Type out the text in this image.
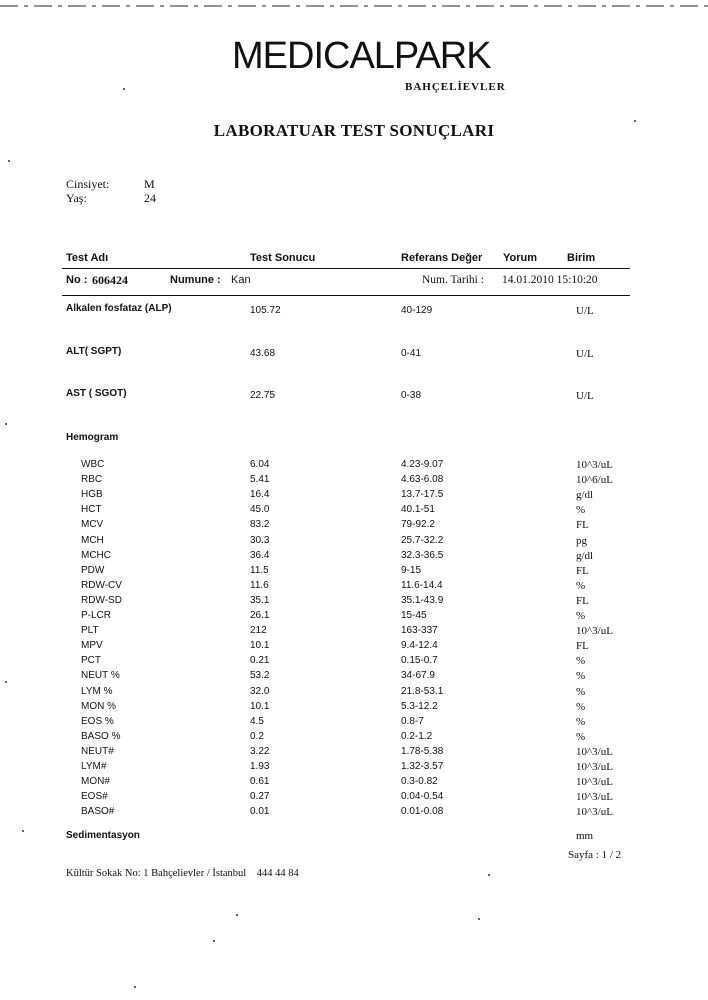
MEDICALPARK
BAHÇELİEVLER
LABORATUAR TEST SONUÇLARI
Cinsiyet:	M
Yaş:	24
Test Adı	Test Sonucu	Referans Değer Yorum	Birim
No : 606424	Numune : Kan	Num. Tarihi : 14.01.2010 15:10:20
Alkalen fosfataz (ALP)	105.72	40-129	U/L
ALT( SGPT)	43.68	0-41	U/L
AST ( SGOT)	22.75	0-38	U/L
Hemogram
WBC	6.04	4.23-9.07	10^3/uL
RBC	5.41	4.63-6.08	10^6/uL
HGB	16.4	13.7-17.5	g/dl
HCT	45.0	40.1-51	%
MCV	83.2	79-92.2	FL
MCH	30.3	25.7-32.2	pg
MCHC	36.4	32.3-36.5	g/dl
PDW	11.5	9-15	FL
RDW-CV	11.6	11.6-14.4	%
RDW-SD	35.1	35.1-43.9	FL
P-LCR	26.1	15-45	%
PLT	212	163-337	10^3/uL
MPV	10.1	9.4-12.4	FL
PCT	0.21	0.15-0.7	%
NEUT %	53.2	34-67.9	%
LYM %	32.0	21.8-53.1	%
MON %	10.1	5.3-12.2	%
EOS %	4.5	0.8-7	%
BASO %	0.2	0.2-1.2	%
NEUT#	3.22	1.78-5.38	10^3/uL
LYM#	1.93	1.32-3.57	10^3/uL
MON#	0.61	0.3-0.82	10^3/uL
EOS#	0.27	0.04-0.54	10^3/uL
BASO#	0.01	0.01-0.08	10^3/uL
Sedimentasyon	mm
Sayfa : 1 / 2
Kültür Sokak No: 1 Bahçelievler / İstanbul 444 44 84
